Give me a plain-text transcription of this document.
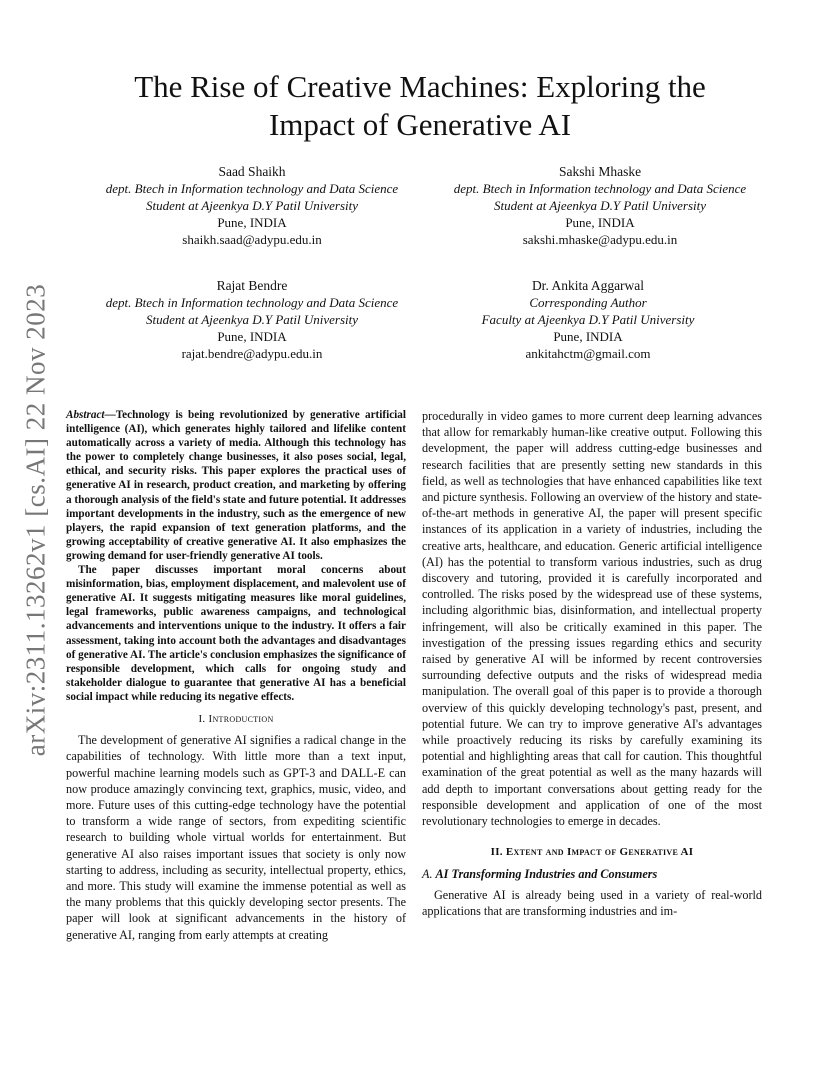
arXiv:2311.13262v1 [cs.AI] 22 Nov 2023
The Rise of Creative Machines: Exploring the Impact of Generative AI
Saad Shaikh
dept. Btech in Information technology and Data Science
Student at Ajeenkya D.Y Patil University
Pune, INDIA
shaikh.saad@adypu.edu.in
Sakshi Mhaske
dept. Btech in Information technology and Data Science
Student at Ajeenkya D.Y Patil University
Pune, INDIA
sakshi.mhaske@adypu.edu.in
Rajat Bendre
dept. Btech in Information technology and Data Science
Student at Ajeenkya D.Y Patil University
Pune, INDIA
rajat.bendre@adypu.edu.in
Dr. Ankita Aggarwal
Corresponding Author
Faculty at Ajeenkya D.Y Patil University
Pune, INDIA
ankitahctm@gmail.com

Abstract—Technology is being revolutionized by generative artificial intelligence (AI), which generates highly tailored and lifelike content automatically across a variety of media. Although this technology has the power to completely change businesses, it also poses social, legal, ethical, and security risks. This paper explores the practical uses of generative AI in research, product creation, and marketing by offering a thorough analysis of the field's state and future potential. It addresses important developments in the industry, such as the emergence of new players, the rapid expansion of text generation platforms, and the growing acceptability of creative generative AI. It also emphasizes the growing demand for user-friendly generative AI tools.

The paper discusses important moral concerns about misinformation, bias, employment displacement, and malevolent use of generative AI. It suggests mitigating measures like moral guidelines, legal frameworks, public awareness campaigns, and technological advancements and interventions unique to the industry. It offers a fair assessment, taking into account both the advantages and disadvantages of generative AI. The article's conclusion emphasizes the significance of responsible development, which calls for ongoing study and stakeholder dialogue to guarantee that generative AI has a beneficial social impact while reducing its negative effects.

I. Introduction

The development of generative AI signifies a radical change in the capabilities of technology. With little more than a text input, powerful machine learning models such as GPT-3 and DALL-E can now produce amazingly convincing text, graphics, music, video, and more. Future uses of this cutting-edge technology have the potential to transform a wide range of sectors, from expediting scientific research to building whole virtual worlds for entertainment. But generative AI also raises important issues that society is only now starting to address, including as security, intellectual property, ethics, and more. This study will examine the immense potential as well as the many problems that this quickly developing sector presents. The paper will look at significant advancements in the history of generative AI, ranging from early attempts at creating

procedurally in video games to more current deep learning advances that allow for remarkably human-like creative output. Following this development, the paper will address cutting-edge businesses and research facilities that are presently setting new standards in this field, as well as technologies that have enhanced capabilities like text and picture synthesis. Following an overview of the history and state-of-the-art methods in generative AI, the paper will present specific instances of its application in a variety of industries, including the creative arts, healthcare, and education. Generic artificial intelligence (AI) has the potential to transform various industries, such as drug discovery and tutoring, provided it is carefully incorporated and controlled. The risks posed by the widespread use of these systems, including algorithmic bias, disinformation, and intellectual property infringement, will also be critically examined in this paper. The investigation of the pressing issues regarding ethics and security raised by generative AI will be informed by recent controversies surrounding defective outputs and the risks of widespread media manipulation. The overall goal of this paper is to provide a thorough overview of this quickly developing technology's past, present, and potential future. We can try to improve generative AI's advantages while proactively reducing its risks by carefully examining its potential and highlighting areas that call for caution. This thoughtful examination of the great potential as well as the many hazards will add depth to important conversations about getting ready for the responsible development and application of one of the most revolutionary technologies to emerge in decades.

II. Extent and Impact of Generative AI
A. AI Transforming Industries and Consumers

Generative AI is already being used in a variety of real-world applications that are transforming industries and im-
